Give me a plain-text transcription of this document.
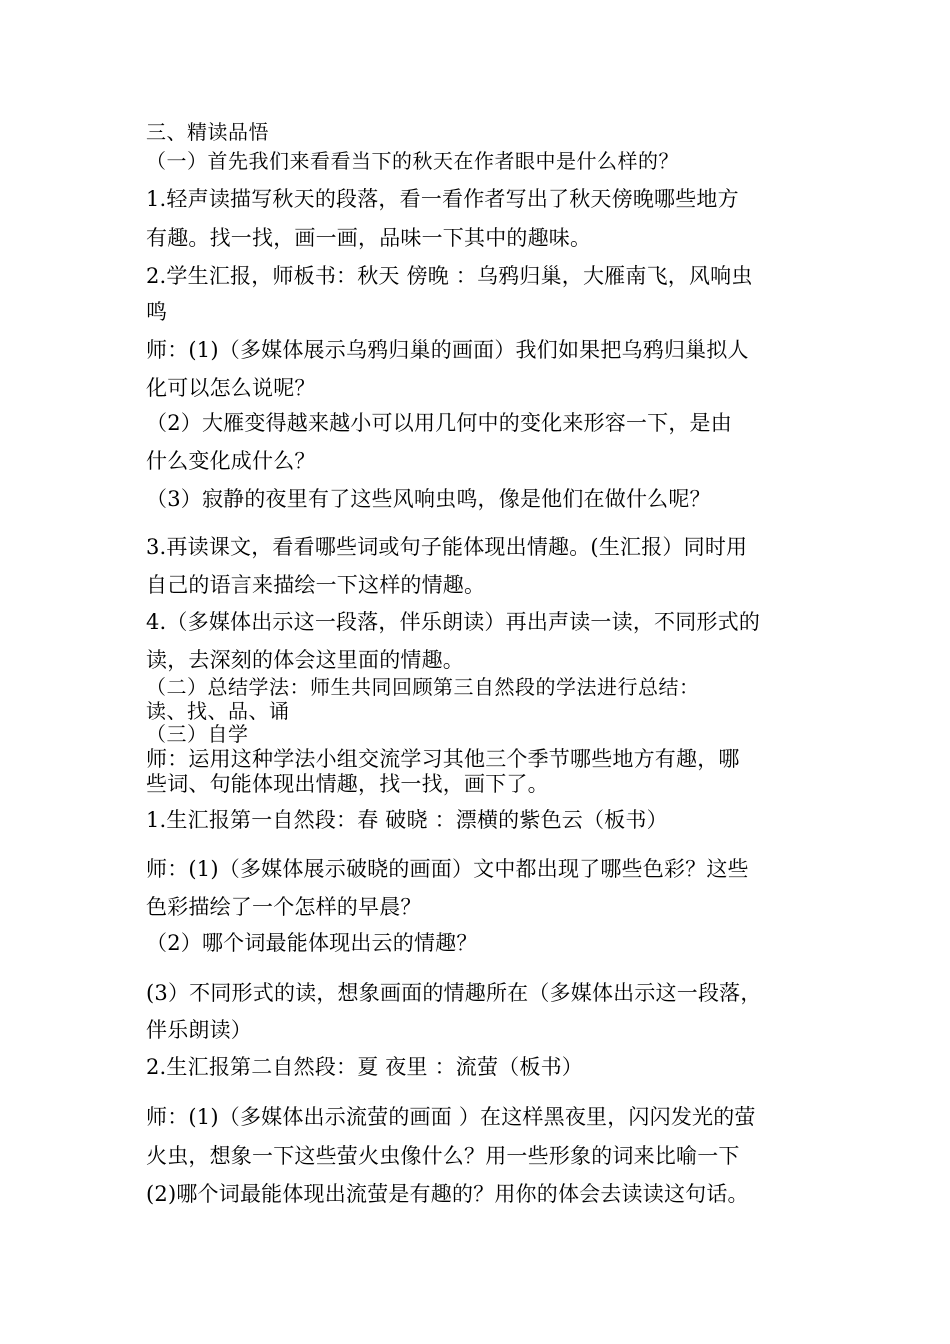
三、精读品悟
（一）首先我们来看看当下的秋天在作者眼中是什么样的？
1.轻声读描写秋天的段落，看一看作者写出了秋天傍晚哪些地方
有趣。找一找，画一画，品味一下其中的趣味。
2.学生汇报，师板书：秋天 傍晚 ：乌鸦归巢，大雁南飞，风响虫
鸣
师：(1)（多媒体展示乌鸦归巢的画面）我们如果把乌鸦归巢拟人
化可以怎么说呢？
（2）大雁变得越来越小可以用几何中的变化来形容一下，是由
什么变化成什么？
（3）寂静的夜里有了这些风响虫鸣，像是他们在做什么呢？
3.再读课文，看看哪些词或句子能体现出情趣。(生汇报）同时用
自己的语言来描绘一下这样的情趣。
4.（多媒体出示这一段落，伴乐朗读）再出声读一读，不同形式的
读，去深刻的体会这里面的情趣。
（二）总结学法：师生共同回顾第三自然段的学法进行总结：
读、找、品、诵
（三）自学
师：运用这种学法小组交流学习其他三个季节哪些地方有趣，哪
些词、句能体现出情趣，找一找，画下了。
1.生汇报第一自然段：春 破晓 ：漂横的紫色云（板书）
师：(1)（多媒体展示破晓的画面）文中都出现了哪些色彩？这些
色彩描绘了一个怎样的早晨？
（2）哪个词最能体现出云的情趣？
(3）不同形式的读，想象画面的情趣所在（多媒体出示这一段落，
伴乐朗读）
2.生汇报第二自然段：夏 夜里 ：流萤（板书）
师：(1)（多媒体出示流萤的画面 ）在这样黑夜里，闪闪发光的萤
火虫，想象一下这些萤火虫像什么？用一些形象的词来比喻一下
(2)哪个词最能体现出流萤是有趣的？用你的体会去读读这句话。
